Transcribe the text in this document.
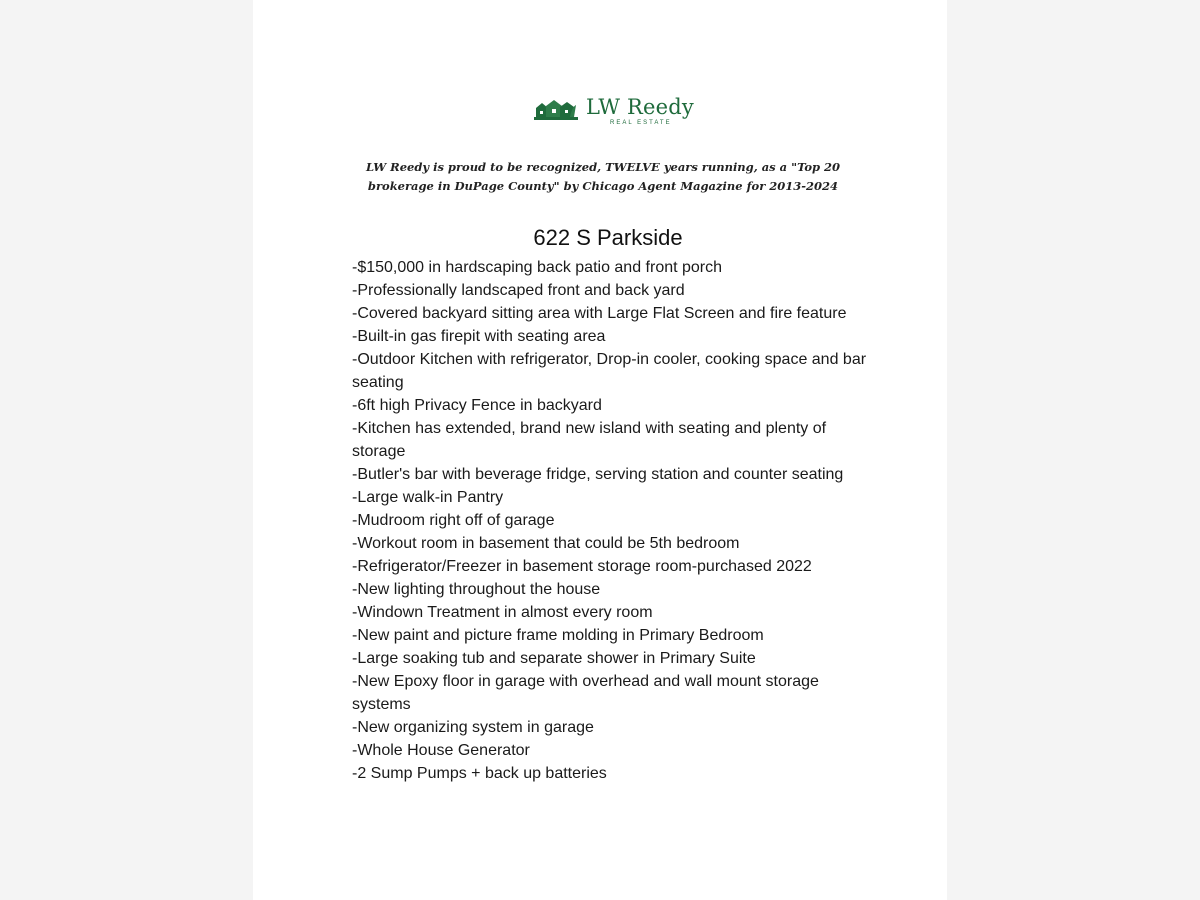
LW Reedy
REAL ESTATE
LW Reedy is proud to be recognized, TWELVE years running, as a "Top 20
brokerage in DuPage County" by Chicago Agent Magazine for 2013-2024
622 S Parkside
-$150,000 in hardscaping back patio and front porch
-Professionally landscaped front and back yard
-Covered backyard sitting area with Large Flat Screen and fire feature
-Built-in gas firepit with seating area
-Outdoor Kitchen with refrigerator, Drop-in cooler, cooking space and bar seating
-6ft high Privacy Fence in backyard
-Kitchen has extended, brand new island with seating and plenty of storage
-Butler's bar with beverage fridge, serving station and counter seating
-Large walk-in Pantry
-Mudroom right off of garage
-Workout room in basement that could be 5th bedroom
-Refrigerator/Freezer in basement storage room-purchased 2022
-New lighting throughout the house
-Windown Treatment in almost every room
-New paint and picture frame molding in Primary Bedroom
-Large soaking tub and separate shower in Primary Suite
-New Epoxy floor in garage with overhead and wall mount storage systems
-New organizing system in garage
-Whole House Generator
-2 Sump Pumps + back up batteries
